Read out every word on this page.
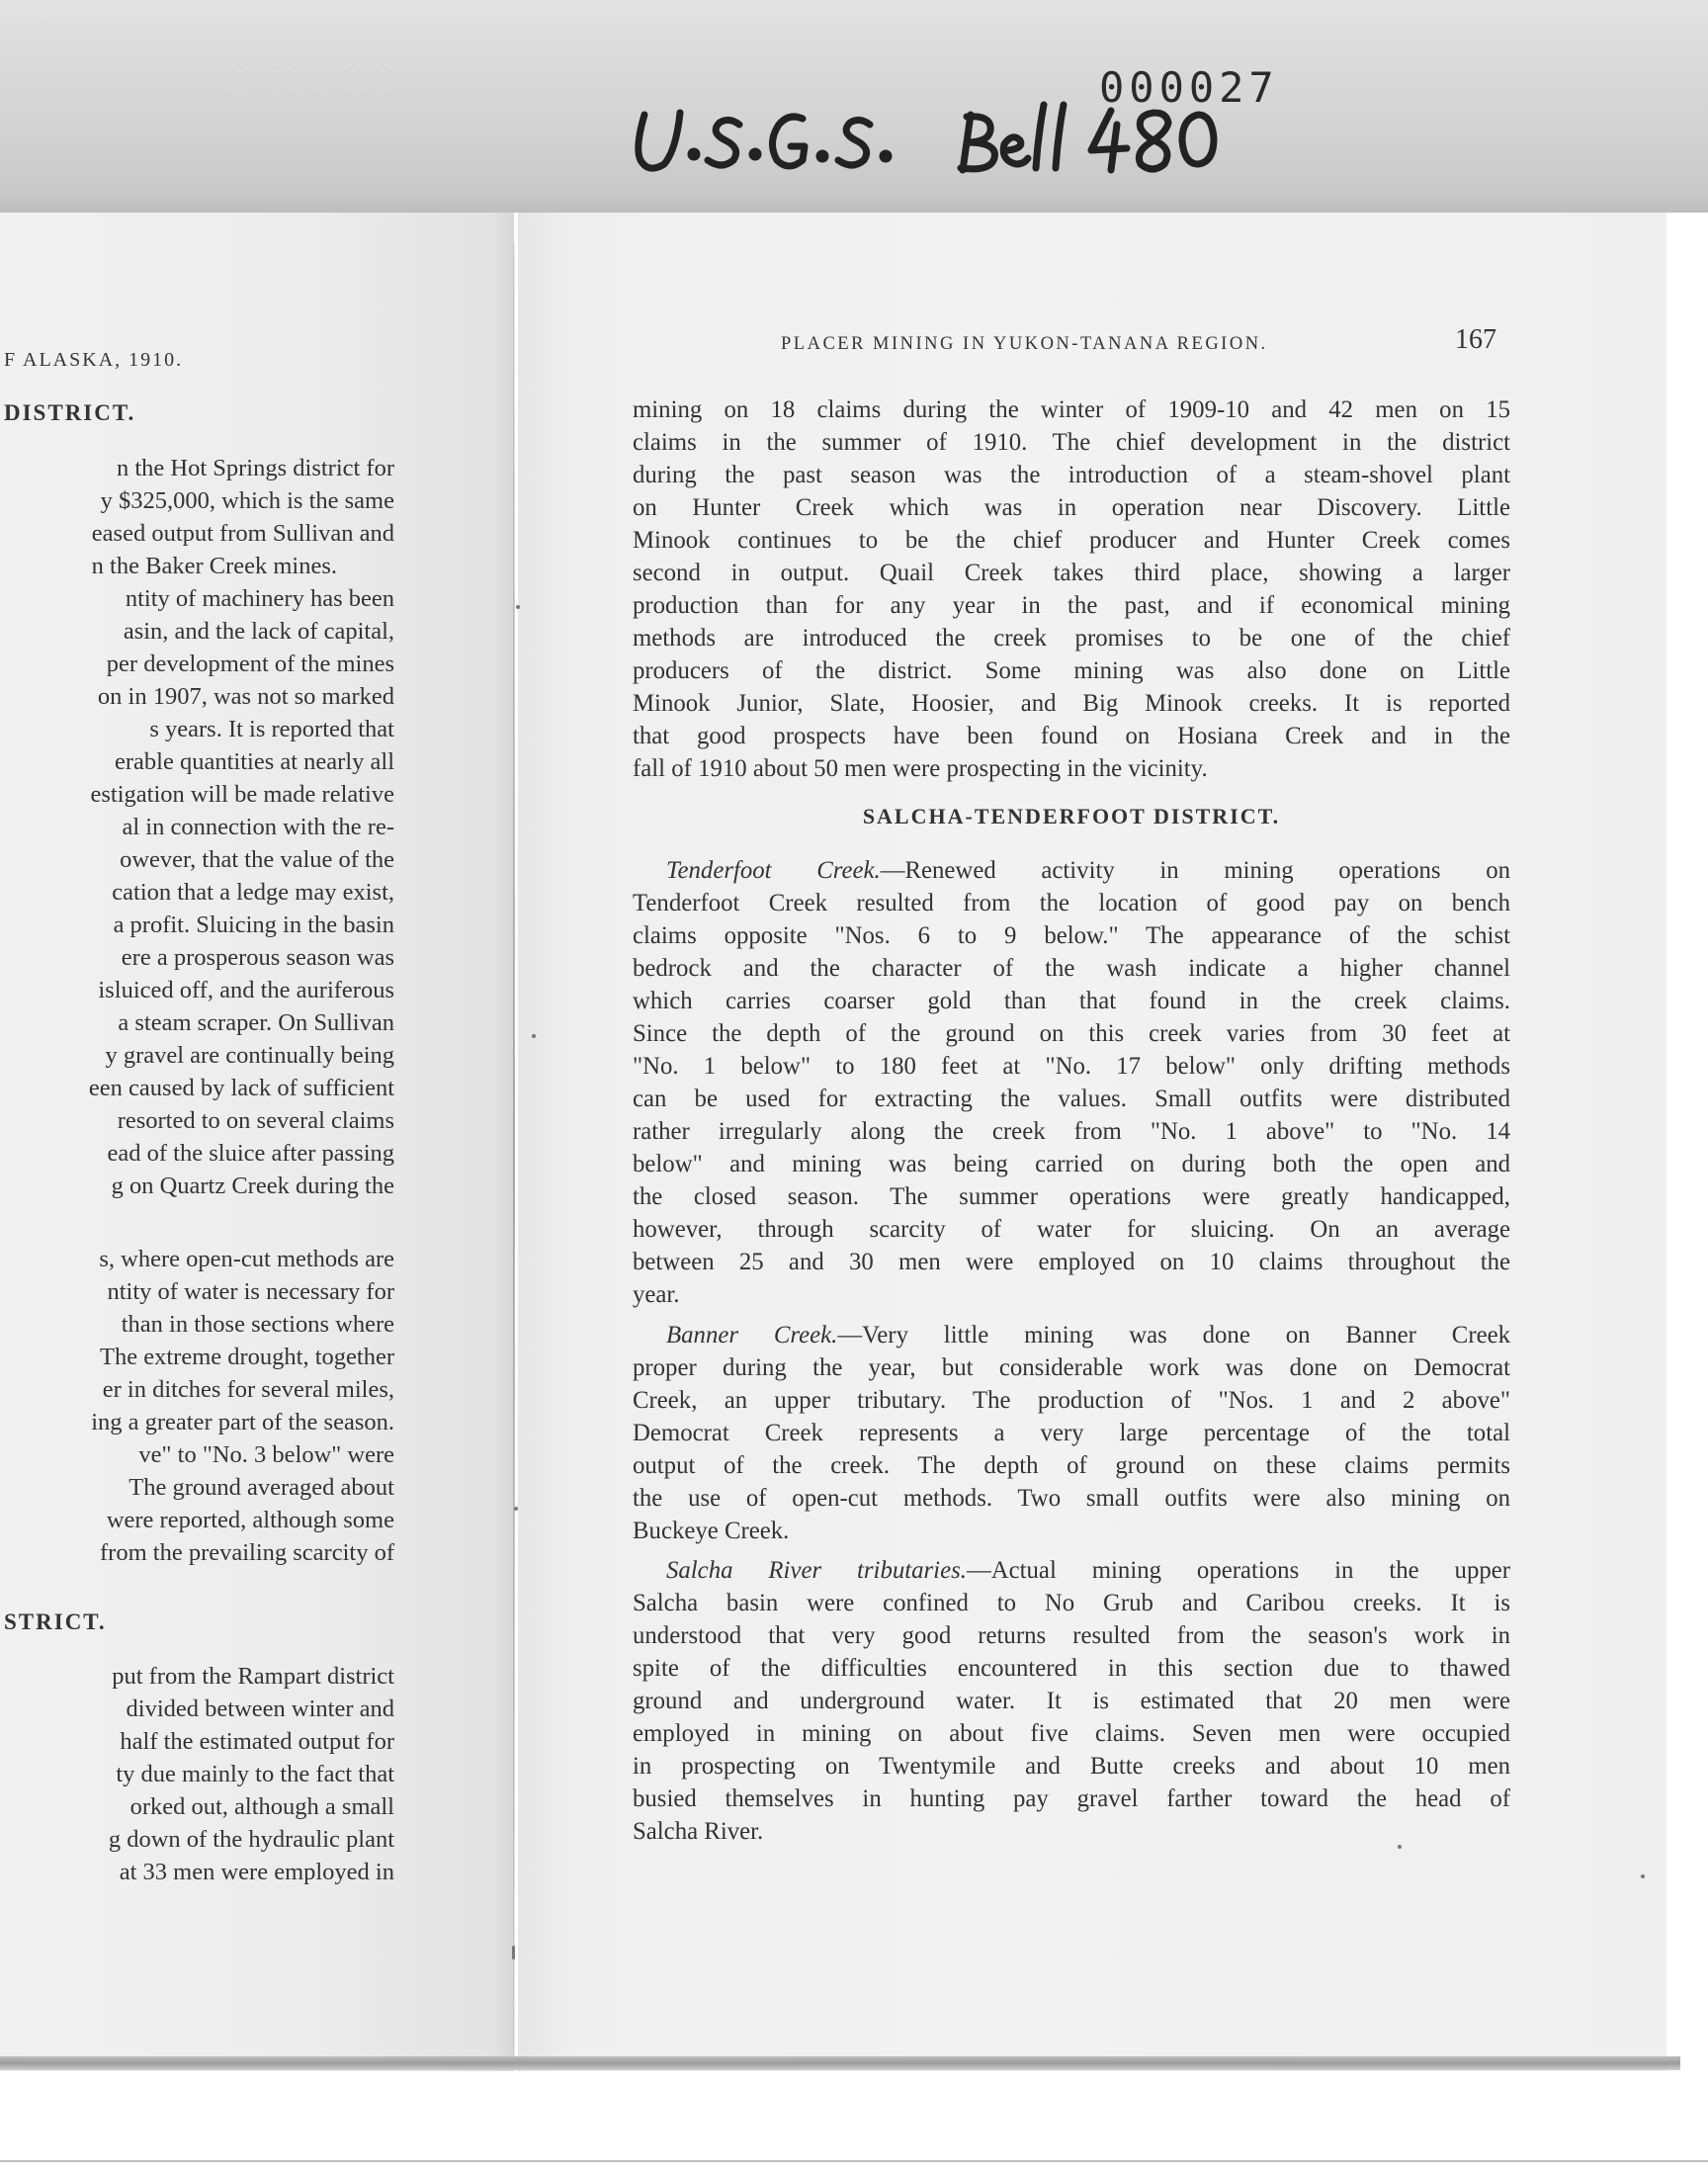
000028	000027

F ALASKA, 1910.

DISTRICT.

n the Hot Springs district for

y $325,000, which is the same

eased output from Sullivan and

n the Baker Creek mines.

ntity of machinery has been

asin, and the lack of capital,

per development of the mines

on in 1907, was not so marked

s years. It is reported that

erable quantities at nearly all

estigation will be made relative

al in connection with the re-

owever, that the value of the

cation that a ledge may exist,

a profit. Sluicing in the basin

ere a prosperous season was

isluiced off, and the auriferous

a steam scraper. On Sullivan

y gravel are continually being

een caused by lack of sufficient

resorted to on several claims

ead of the sluice after passing

g on Quartz Creek during the

s, where open-cut methods are

ntity of water is necessary for

than in those sections where

The extreme drought, together

er in ditches for several miles,

ing a greater part of the season.

ve" to "No. 3 below" were

The ground averaged about

were reported, although some

from the prevailing scarcity of

STRICT.

put from the Rampart district

divided between winter and

half the estimated output for

ty due mainly to the fact that

orked out, although a small

g down of the hydraulic plant

at 33 men were employed in

PLACER MINING IN YUKON-TANANA REGION.	167

mining on 18 claims during the winter of 1909-10 and 42 men on 15

claims in the summer of 1910. The chief development in the district

during the past season was the introduction of a steam-shovel plant

on Hunter Creek which was in operation near Discovery. Little

Minook continues to be the chief producer and Hunter Creek comes

second in output. Quail Creek takes third place, showing a larger

production than for any year in the past, and if economical mining

methods are introduced the creek promises to be one of the chief

producers of the district. Some mining was also done on Little

Minook Junior, Slate, Hoosier, and Big Minook creeks. It is reported

that good prospects have been found on Hosiana Creek and in the

fall of 1910 about 50 men were prospecting in the vicinity.

SALCHA-TENDERFOOT DISTRICT.

Tenderfoot Creek.—Renewed activity in mining operations on

Tenderfoot Creek resulted from the location of good pay on bench

claims opposite "Nos. 6 to 9 below." The appearance of the schist

bedrock and the character of the wash indicate a higher channel

which carries coarser gold than that found in the creek claims.

Since the depth of the ground on this creek varies from 30 feet at

"No. 1 below" to 180 feet at "No. 17 below" only drifting methods

can be used for extracting the values. Small outfits were distributed

rather irregularly along the creek from "No. 1 above" to "No. 14

below" and mining was being carried on during both the open and

the closed season. The summer operations were greatly handicapped,

however, through scarcity of water for sluicing. On an average

between 25 and 30 men were employed on 10 claims throughout the

year.

Banner Creek.—Very little mining was done on Banner Creek

proper during the year, but considerable work was done on Democrat

Creek, an upper tributary. The production of "Nos. 1 and 2 above"

Democrat Creek represents a very large percentage of the total

output of the creek. The depth of ground on these claims permits

the use of open-cut methods. Two small outfits were also mining on

Buckeye Creek.

Salcha River tributaries.—Actual mining operations in the upper

Salcha basin were confined to No Grub and Caribou creeks. It is

understood that very good returns resulted from the season's work in

spite of the difficulties encountered in this section due to thawed

ground and underground water. It is estimated that 20 men were

employed in mining on about five claims. Seven men were occupied

in prospecting on Twentymile and Butte creeks and about 10 men

busied themselves in hunting pay gravel farther toward the head of

Salcha River.
